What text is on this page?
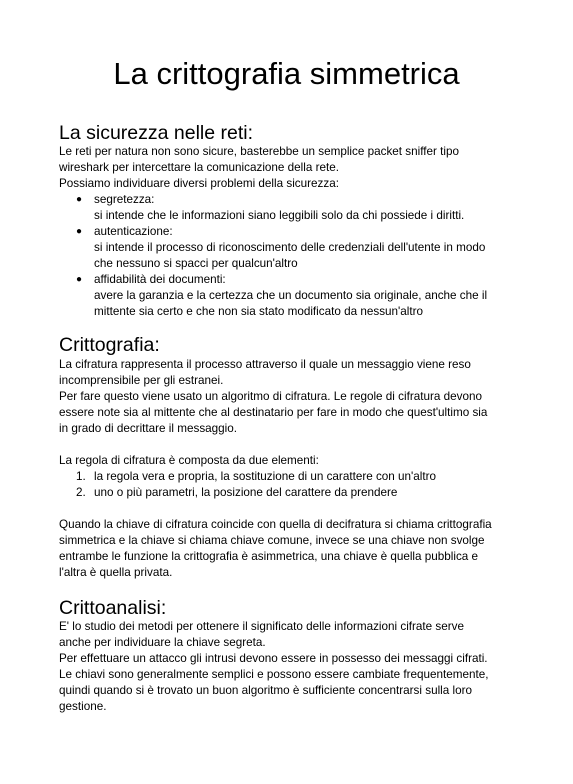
La crittografia simmetrica
La sicurezza nelle reti:

Le reti per natura non sono sicure, basterebbe un semplice packet sniffer tipo

wireshark per intercettare la comunicazione della rete.

Possiamo individuare diversi problemi della sicurezza:

● segretezza:

si intende che le informazioni siano leggibili solo da chi possiede i diritti.

● autenticazione:

si intende il processo di riconoscimento delle credenziali dell'utente in modo

che nessuno si spacci per qualcun'altro

● affidabilità dei documenti:

avere la garanzia e la certezza che un documento sia originale, anche che il

mittente sia certo e che non sia stato modificato da nessun'altro

Crittografia:

La cifratura rappresenta il processo attraverso il quale un messaggio viene reso

incomprensibile per gli estranei.

Per fare questo viene usato un algoritmo di cifratura. Le regole di cifratura devono

essere note sia al mittente che al destinatario per fare in modo che quest'ultimo sia

in grado di decrittare il messaggio.

La regola di cifratura è composta da due elementi:

1. la regola vera e propria, la sostituzione di un carattere con un'altro

2. uno o più parametri, la posizione del carattere da prendere

Quando la chiave di cifratura coincide con quella di decifratura si chiama crittografia

simmetrica e la chiave si chiama chiave comune, invece se una chiave non svolge

entrambe le funzione la crittografia è asimmetrica, una chiave è quella pubblica e

l'altra è quella privata.

Crittoanalisi:

E' lo studio dei metodi per ottenere il significato delle informazioni cifrate serve

anche per individuare la chiave segreta.

Per effettuare un attacco gli intrusi devono essere in possesso dei messaggi cifrati.

Le chiavi sono generalmente semplici e possono essere cambiate frequentemente,

quindi quando si è trovato un buon algoritmo è sufficiente concentrarsi sulla loro

gestione.
